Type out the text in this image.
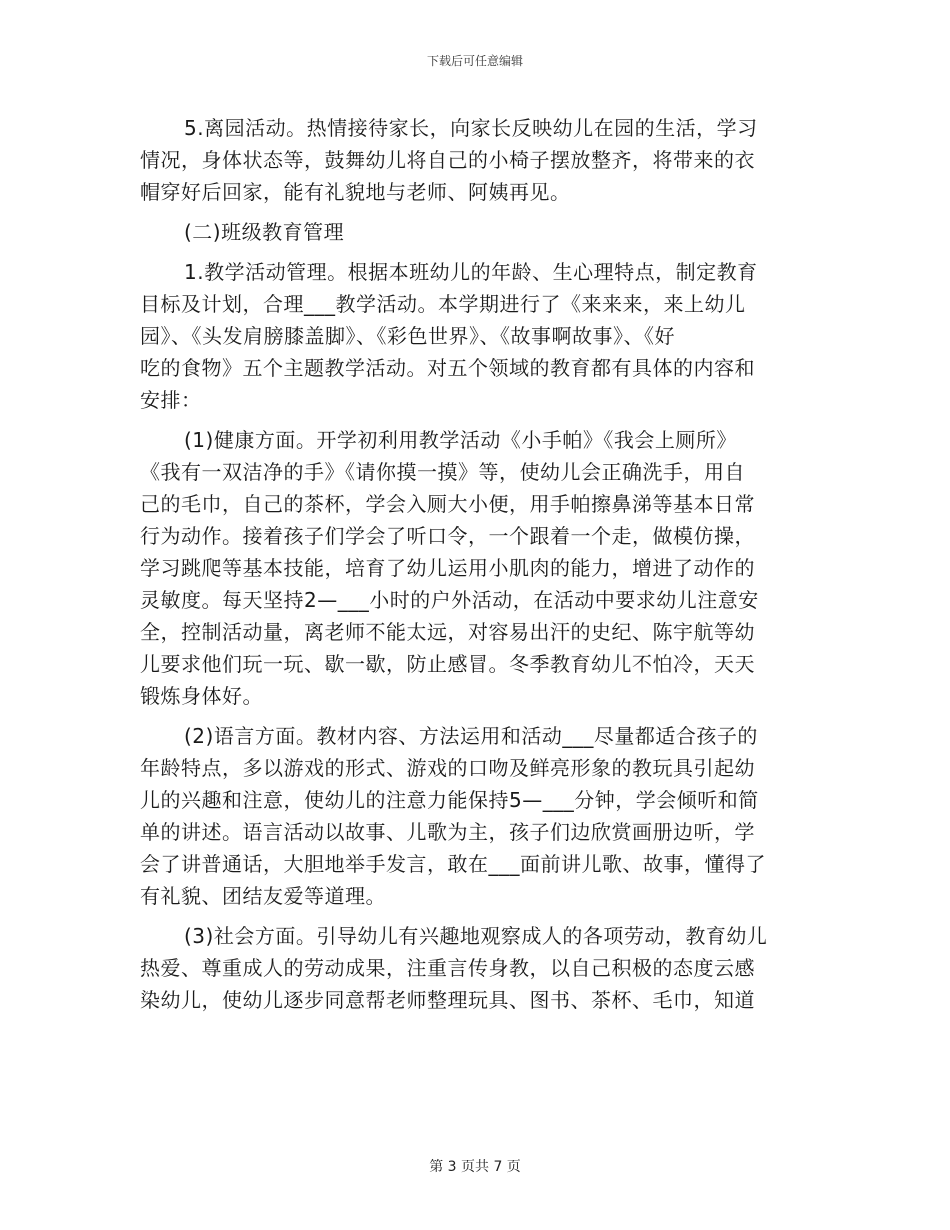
下载后可任意编辑
5.离园活动。热情接待家长，向家长反映幼儿在园的生活，学习
情况，身体状态等，鼓舞幼儿将自己的小椅子摆放整齐，将带来的衣
帽穿好后回家，能有礼貌地与老师、阿姨再见。
(二)班级教育管理
1.教学活动管理。根据本班幼儿的年龄、生心理特点，制定教育
目标及计划，合理___教学活动。本学期进行了《来来来，来上幼儿
园》、《头发肩膀膝盖脚》、《彩色世界》、《故事啊故事》、《好
吃的食物》五个主题教学活动。对五个领域的教育都有具体的内容和
安排：
(1)健康方面。开学初利用教学活动《小手帕》《我会上厕所》
《我有一双洁净的手》《请你摸一摸》等，使幼儿会正确洗手，用自
己的毛巾，自己的茶杯，学会入厕大小便，用手帕擦鼻涕等基本日常
行为动作。接着孩子们学会了听口令，一个跟着一个走，做模仿操，
学习跳爬等基本技能，培育了幼儿运用小肌肉的能力，增进了动作的
灵敏度。每天坚持2—___小时的户外活动，在活动中要求幼儿注意安
全，控制活动量，离老师不能太远，对容易出汗的史纪、陈宇航等幼
儿要求他们玩一玩、歇一歇，防止感冒。冬季教育幼儿不怕冷，天天
锻炼身体好。
(2)语言方面。教材内容、方法运用和活动___尽量都适合孩子的
年龄特点，多以游戏的形式、游戏的口吻及鲜亮形象的教玩具引起幼
儿的兴趣和注意，使幼儿的注意力能保持5—___分钟，学会倾听和简
单的讲述。语言活动以故事、儿歌为主，孩子们边欣赏画册边听，学
会了讲普通话，大胆地举手发言，敢在___面前讲儿歌、故事，懂得了
有礼貌、团结友爱等道理。
(3)社会方面。引导幼儿有兴趣地观察成人的各项劳动，教育幼儿
热爱、尊重成人的劳动成果，注重言传身教，以自己积极的态度云感
染幼儿，使幼儿逐步同意帮老师整理玩具、图书、茶杯、毛巾，知道
第 3 页共 7 页
